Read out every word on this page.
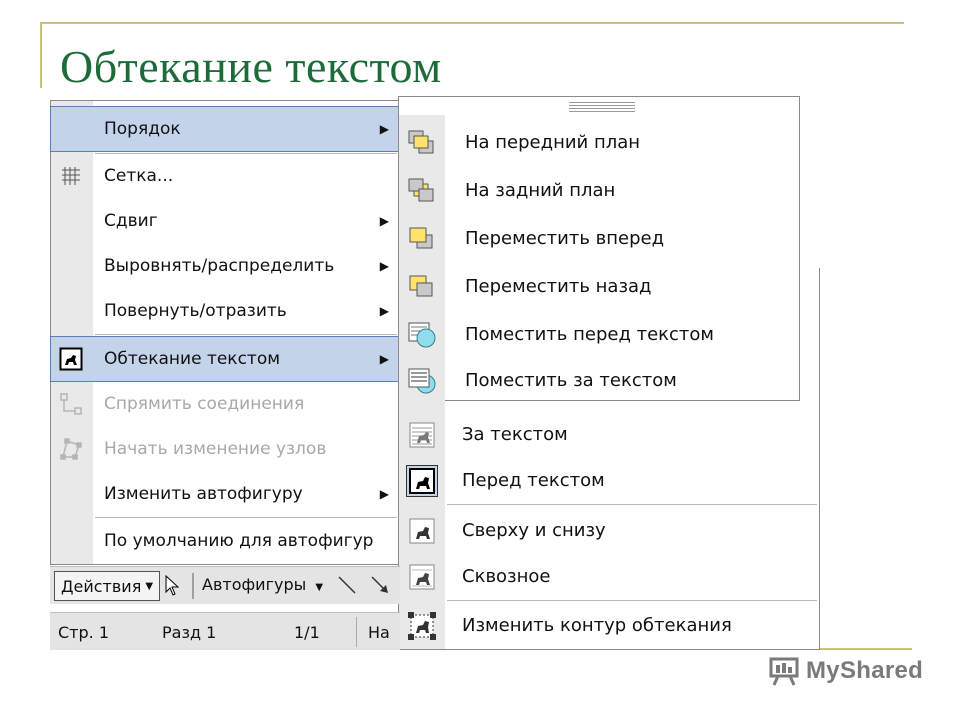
Обтекание текстом
Порядок	▶
Сетка...
Сдвиг	▶
Выровнять/распределить	▶
Повернуть/отразить	▶
Обтекание текстом	▶
Спрямить соединения
Начать изменение узлов
Изменить автофигуру	▶
По умолчанию для автофигур
За текстом
Перед текстом
Сверху и снизу
Сквозное
Изменить контур обтекания
На передний план
На задний план
Переместить вперед
Переместить назад
Поместить перед текстом
Поместить за текстом
Действия ▼	Автофигуры ▼
Стр. 1	Разд 1	1/1	На
MyShared
